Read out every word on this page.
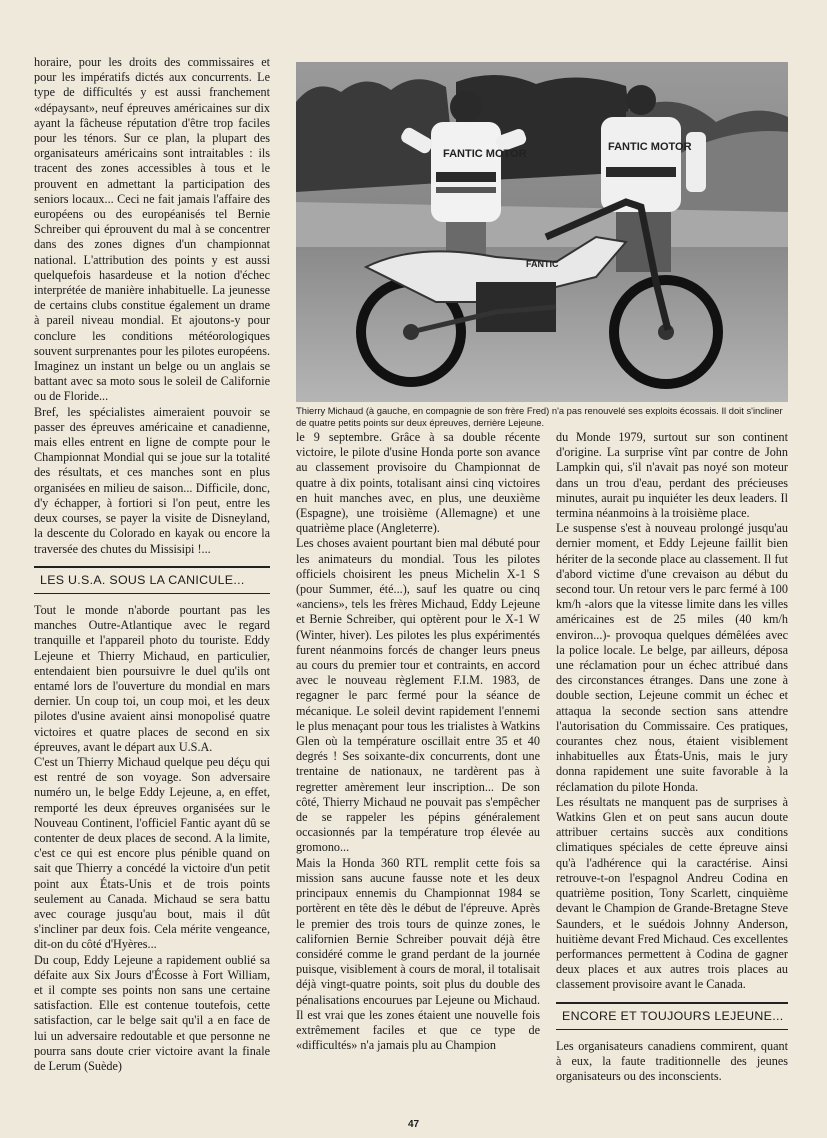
horaire, pour les droits des commissaires et pour les impératifs dictés aux concurrents. Le type de difficultés y est aussi franchement «dépaysant», neuf épreuves américaines sur dix ayant la fâcheuse réputation d'être trop faciles pour les ténors. Sur ce plan, la plupart des organisateurs américains sont intraitables : ils tracent des zones accessibles à tous et le prouvent en admettant la participation des seniors locaux... Ceci ne fait jamais l'affaire des européens ou des européanisés tel Bernie Schreiber qui éprouvent du mal à se concentrer dans des zones dignes d'un championnat national. L'attribution des points y est aussi quelquefois hasardeuse et la notion d'échec interprétée de manière inhabituelle. La jeunesse de certains clubs constitue également un drame à pareil niveau mondial. Et ajoutons-y pour conclure les conditions météorologiques souvent surprenantes pour les pilotes européens. Imaginez un instant un belge ou un anglais se battant avec sa moto sous le soleil de Californie ou de Floride...

Bref, les spécialistes aimeraient pouvoir se passer des épreuves américaine et canadienne, mais elles entrent en ligne de compte pour le Championnat Mondial qui se joue sur la totalité des résultats, et ces manches sont en plus organisées en milieu de saison... Difficile, donc, d'y échapper, à fortiori si l'on peut, entre les deux courses, se payer la visite de Disneyland, la descente du Colorado en kayak ou encore la traversée des chutes du Missisipi !...

LES U.S.A. SOUS LA CANICULE...

Tout le monde n'aborde pourtant pas les manches Outre-Atlantique avec le regard tranquille et l'appareil photo du touriste. Eddy Lejeune et Thierry Michaud, en particulier, entendaient bien poursuivre le duel qu'ils ont entamé lors de l'ouverture du mondial en mars dernier. Un coup toi, un coup moi, et les deux pilotes d'usine avaient ainsi monopolisé quatre victoires et quatre places de second en six épreuves, avant le départ aux U.S.A.

C'est un Thierry Michaud quelque peu déçu qui est rentré de son voyage. Son adversaire numéro un, le belge Eddy Lejeune, a, en effet, remporté les deux épreuves organisées sur le Nouveau Continent, l'officiel Fantic ayant dû se contenter de deux places de second. A la limite, c'est ce qui est encore plus pénible quand on sait que Thierry a concédé la victoire d'un petit point aux États-Unis et de trois points seulement au Canada. Michaud se sera battu avec courage jusqu'au bout, mais il dût s'incliner par deux fois. Cela mérite vengeance, dit-on du côté d'Hyères...

Du coup, Eddy Lejeune a rapidement oublié sa défaite aux Six Jours d'Écosse à Fort William, et il compte ses points non sans une certaine satisfaction. Elle est contenue toutefois, cette satisfaction, car le belge sait qu'il a en face de lui un adversaire redoutable et que personne ne pourra sans doute crier victoire avant la finale de Lerum (Suède)

FANTIC MOTOR
FANTIC MOTOR
FANTIC
Thierry Michaud (à gauche, en compagnie de son frère Fred) n'a pas renouvelé ses exploits écossais. Il doit s'incliner de quatre petits points sur deux épreuves, derrière Lejeune.

le 9 septembre. Grâce à sa double récente victoire, le pilote d'usine Honda porte son avance au classement provisoire du Championnat de quatre à dix points, totalisant ainsi cinq victoires en huit manches avec, en plus, une deuxième (Espagne), une troisième (Allemagne) et une quatrième place (Angleterre).

Les choses avaient pourtant bien mal débuté pour les animateurs du mondial. Tous les pilotes officiels choisirent les pneus Michelin X-1 S (pour Summer, été...), sauf les quatre ou cinq «anciens», tels les frères Michaud, Eddy Lejeune et Bernie Schreiber, qui optèrent pour le X-1 W (Winter, hiver). Les pilotes les plus expérimentés furent néanmoins forcés de changer leurs pneus au cours du premier tour et contraints, en accord avec le nouveau règlement F.I.M. 1983, de regagner le parc fermé pour la séance de mécanique. Le soleil devint rapidement l'ennemi le plus menaçant pour tous les trialistes à Watkins Glen où la température oscillait entre 35 et 40 degrés ! Ses soixante-dix concurrents, dont une trentaine de nationaux, ne tardèrent pas à regretter amèrement leur inscription... De son côté, Thierry Michaud ne pouvait pas s'empêcher de se rappeler les pépins généralement occasionnés par la température trop élevée au gromono...

Mais la Honda 360 RTL remplit cette fois sa mission sans aucune fausse note et les deux principaux ennemis du Championnat 1984 se portèrent en tête dès le début de l'épreuve. Après le premier des trois tours de quinze zones, le californien Bernie Schreiber pouvait déjà être considéré comme le grand perdant de la journée puisque, visiblement à cours de moral, il totalisait déjà vingt-quatre points, soit plus du double des pénalisations encourues par Lejeune ou Michaud. Il est vrai que les zones étaient une nouvelle fois extrêmement faciles et que ce type de «difficultés» n'a jamais plu au Champion

du Monde 1979, surtout sur son continent d'origine. La surprise vînt par contre de John Lampkin qui, s'il n'avait pas noyé son moteur dans un trou d'eau, perdant des précieuses minutes, aurait pu inquiéter les deux leaders. Il termina néanmoins à la troisième place.

Le suspense s'est à nouveau prolongé jusqu'au dernier moment, et Eddy Lejeune faillit bien hériter de la seconde place au classement. Il fut d'abord victime d'une crevaison au début du second tour. Un retour vers le parc fermé à 100 km/h -alors que la vitesse limite dans les villes américaines est de 25 miles (40 km/h environ...)- provoqua quelques démêlées avec la police locale. Le belge, par ailleurs, déposa une réclamation pour un échec attribué dans des circonstances étranges. Dans une zone à double section, Lejeune commit un échec et attaqua la seconde section sans attendre l'autorisation du Commissaire. Ces pratiques, courantes chez nous, étaient visiblement inhabituelles aux États-Unis, mais le jury donna rapidement une suite favorable à la réclamation du pilote Honda.

Les résultats ne manquent pas de surprises à Watkins Glen et on peut sans aucun doute attribuer certains succès aux conditions climatiques spéciales de cette épreuve ainsi qu'à l'adhérence qui la caractérise. Ainsi retrouve-t-on l'espagnol Andreu Codina en quatrième position, Tony Scarlett, cinquième devant le Champion de Grande-Bretagne Steve Saunders, et le suédois Johnny Anderson, huitième devant Fred Michaud. Ces excellentes performances permettent à Codina de gagner deux places et aux autres trois places au classement provisoire avant le Canada.

ENCORE ET TOUJOURS LEJEUNE...

Les organisateurs canadiens commirent, quant à eux, la faute traditionnelle des jeunes organisateurs ou des inconscients.

47
